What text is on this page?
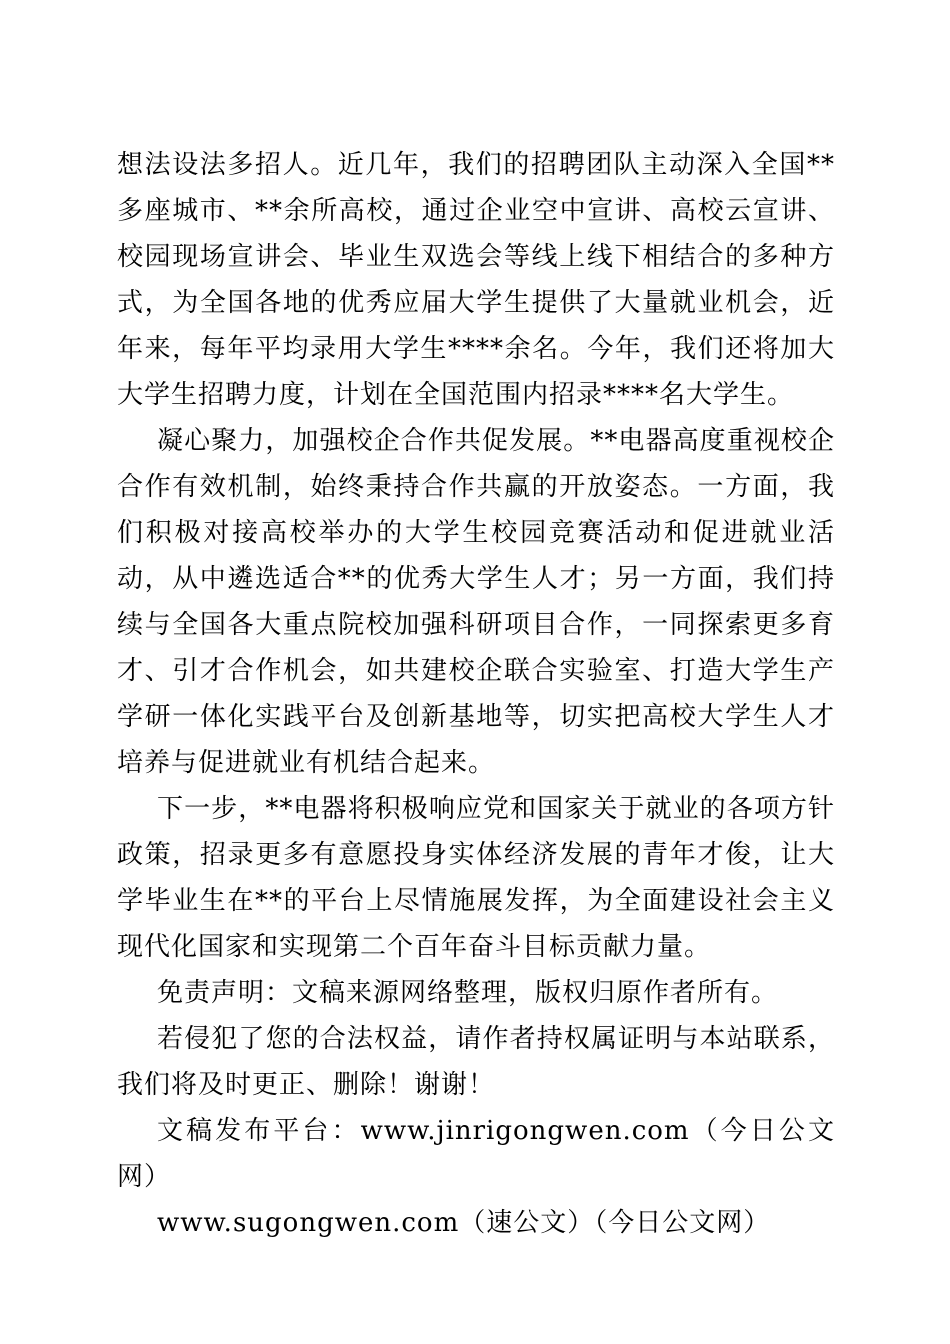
想法设法多招人。近几年，我们的招聘团队主动深入全国**多座城市、**余所高校，通过企业空中宣讲、高校云宣讲、校园现场宣讲会、毕业生双选会等线上线下相结合的多种方式，为全国各地的优秀应届大学生提供了大量就业机会，近年来，每年平均录用大学生****余名。今年，我们还将加大大学生招聘力度，计划在全国范围内招录****名大学生。

凝心聚力，加强校企合作共促发展。**电器高度重视校企合作有效机制，始终秉持合作共赢的开放姿态。一方面，我们积极对接高校举办的大学生校园竞赛活动和促进就业活动，从中遴选适合**的优秀大学生人才；另一方面，我们持续与全国各大重点院校加强科研项目合作，一同探索更多育才、引才合作机会，如共建校企联合实验室、打造大学生产学研一体化实践平台及创新基地等，切实把高校大学生人才培养与促进就业有机结合起来。

下一步，**电器将积极响应党和国家关于就业的各项方针政策，招录更多有意愿投身实体经济发展的青年才俊，让大学毕业生在**的平台上尽情施展发挥，为全面建设社会主义现代化国家和实现第二个百年奋斗目标贡献力量。

免责声明：文稿来源网络整理，版权归原作者所有。

若侵犯了您的合法权益，请作者持权属证明与本站联系，我们将及时更正、删除！谢谢！

文稿发布平台：www.jinrigongwen.com（今日公文网）

www.sugongwen.com（速公文）（今日公文网）
